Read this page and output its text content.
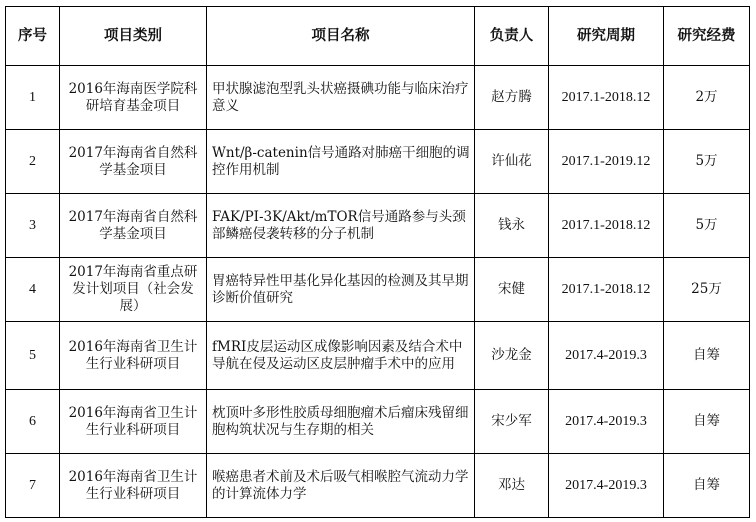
序号	项目类别	项目名称	负责人	研究周期	研究经费
1	2016年海南医学院科研培育基金项目	甲状腺滤泡型乳头状癌摄碘功能与临床治疗意义	赵方腾	2017.1-2018.12	2万
2	2017年海南省自然科学基金项目	Wnt/β-catenin信号通路对肺癌干细胞的调控作用机制	许仙花	2017.1-2019.12	5万
3	2017年海南省自然科学基金项目	FAK/PI-3K/Akt/mTOR信号通路参与头颈部鳞癌侵袭转移的分子机制	钱永	2017.1-2018.12	5万
4	2017年海南省重点研发计划项目（社会发展）	胃癌特异性甲基化异化基因的检测及其早期诊断价值研究	宋健	2017.1-2018.12	25万
5	2016年海南省卫生计生行业科研项目	fMRI皮层运动区成像影响因素及结合术中导航在侵及运动区皮层肿瘤手术中的应用	沙龙金	2017.4-2019.3	自筹
6	2016年海南省卫生计生行业科研项目	枕顶叶多形性胶质母细胞瘤术后瘤床残留细胞构筑状况与生存期的相关	宋少军	2017.4-2019.3	自筹
7	2016年海南省卫生计生行业科研项目	喉癌患者术前及术后吸气相喉腔气流动力学的计算流体力学	邓达	2017.4-2019.3	自筹
